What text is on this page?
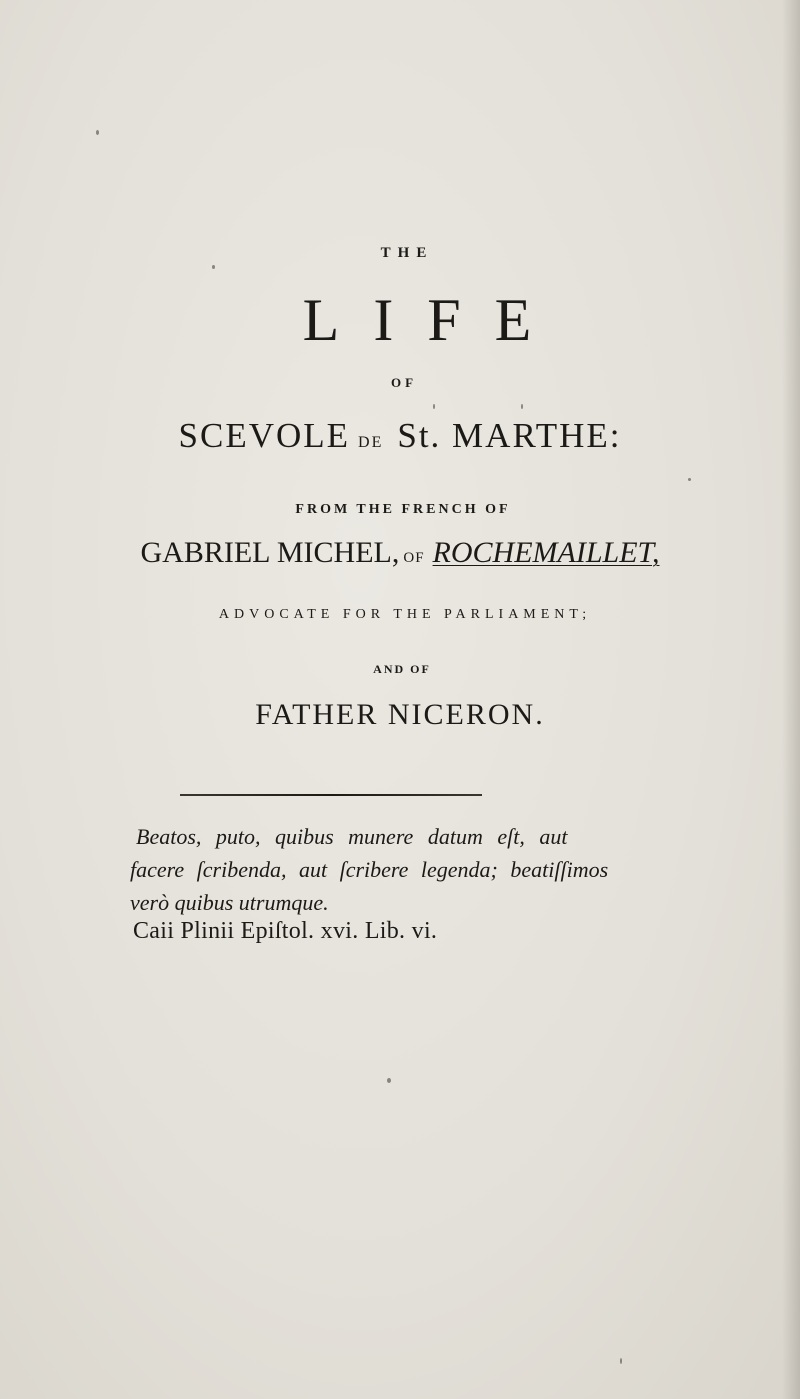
THE
LIFE
OF
SCEVOLE DE St. MARTHE:
FROM THE FRENCH OF
GABRIEL MICHEL, OF ROCHEMAILLET,
ADVOCATE FOR THE PARLIAMENT;
AND OF
FATHER NICERON.

Beatos, puto, quibus munere datum eſt, aut

facere ſcribenda, aut ſcribere legenda; beatiſſimos

verò quibus utrumque.

Caii Plinii Epiſtol. xvi. Lib. vi.
